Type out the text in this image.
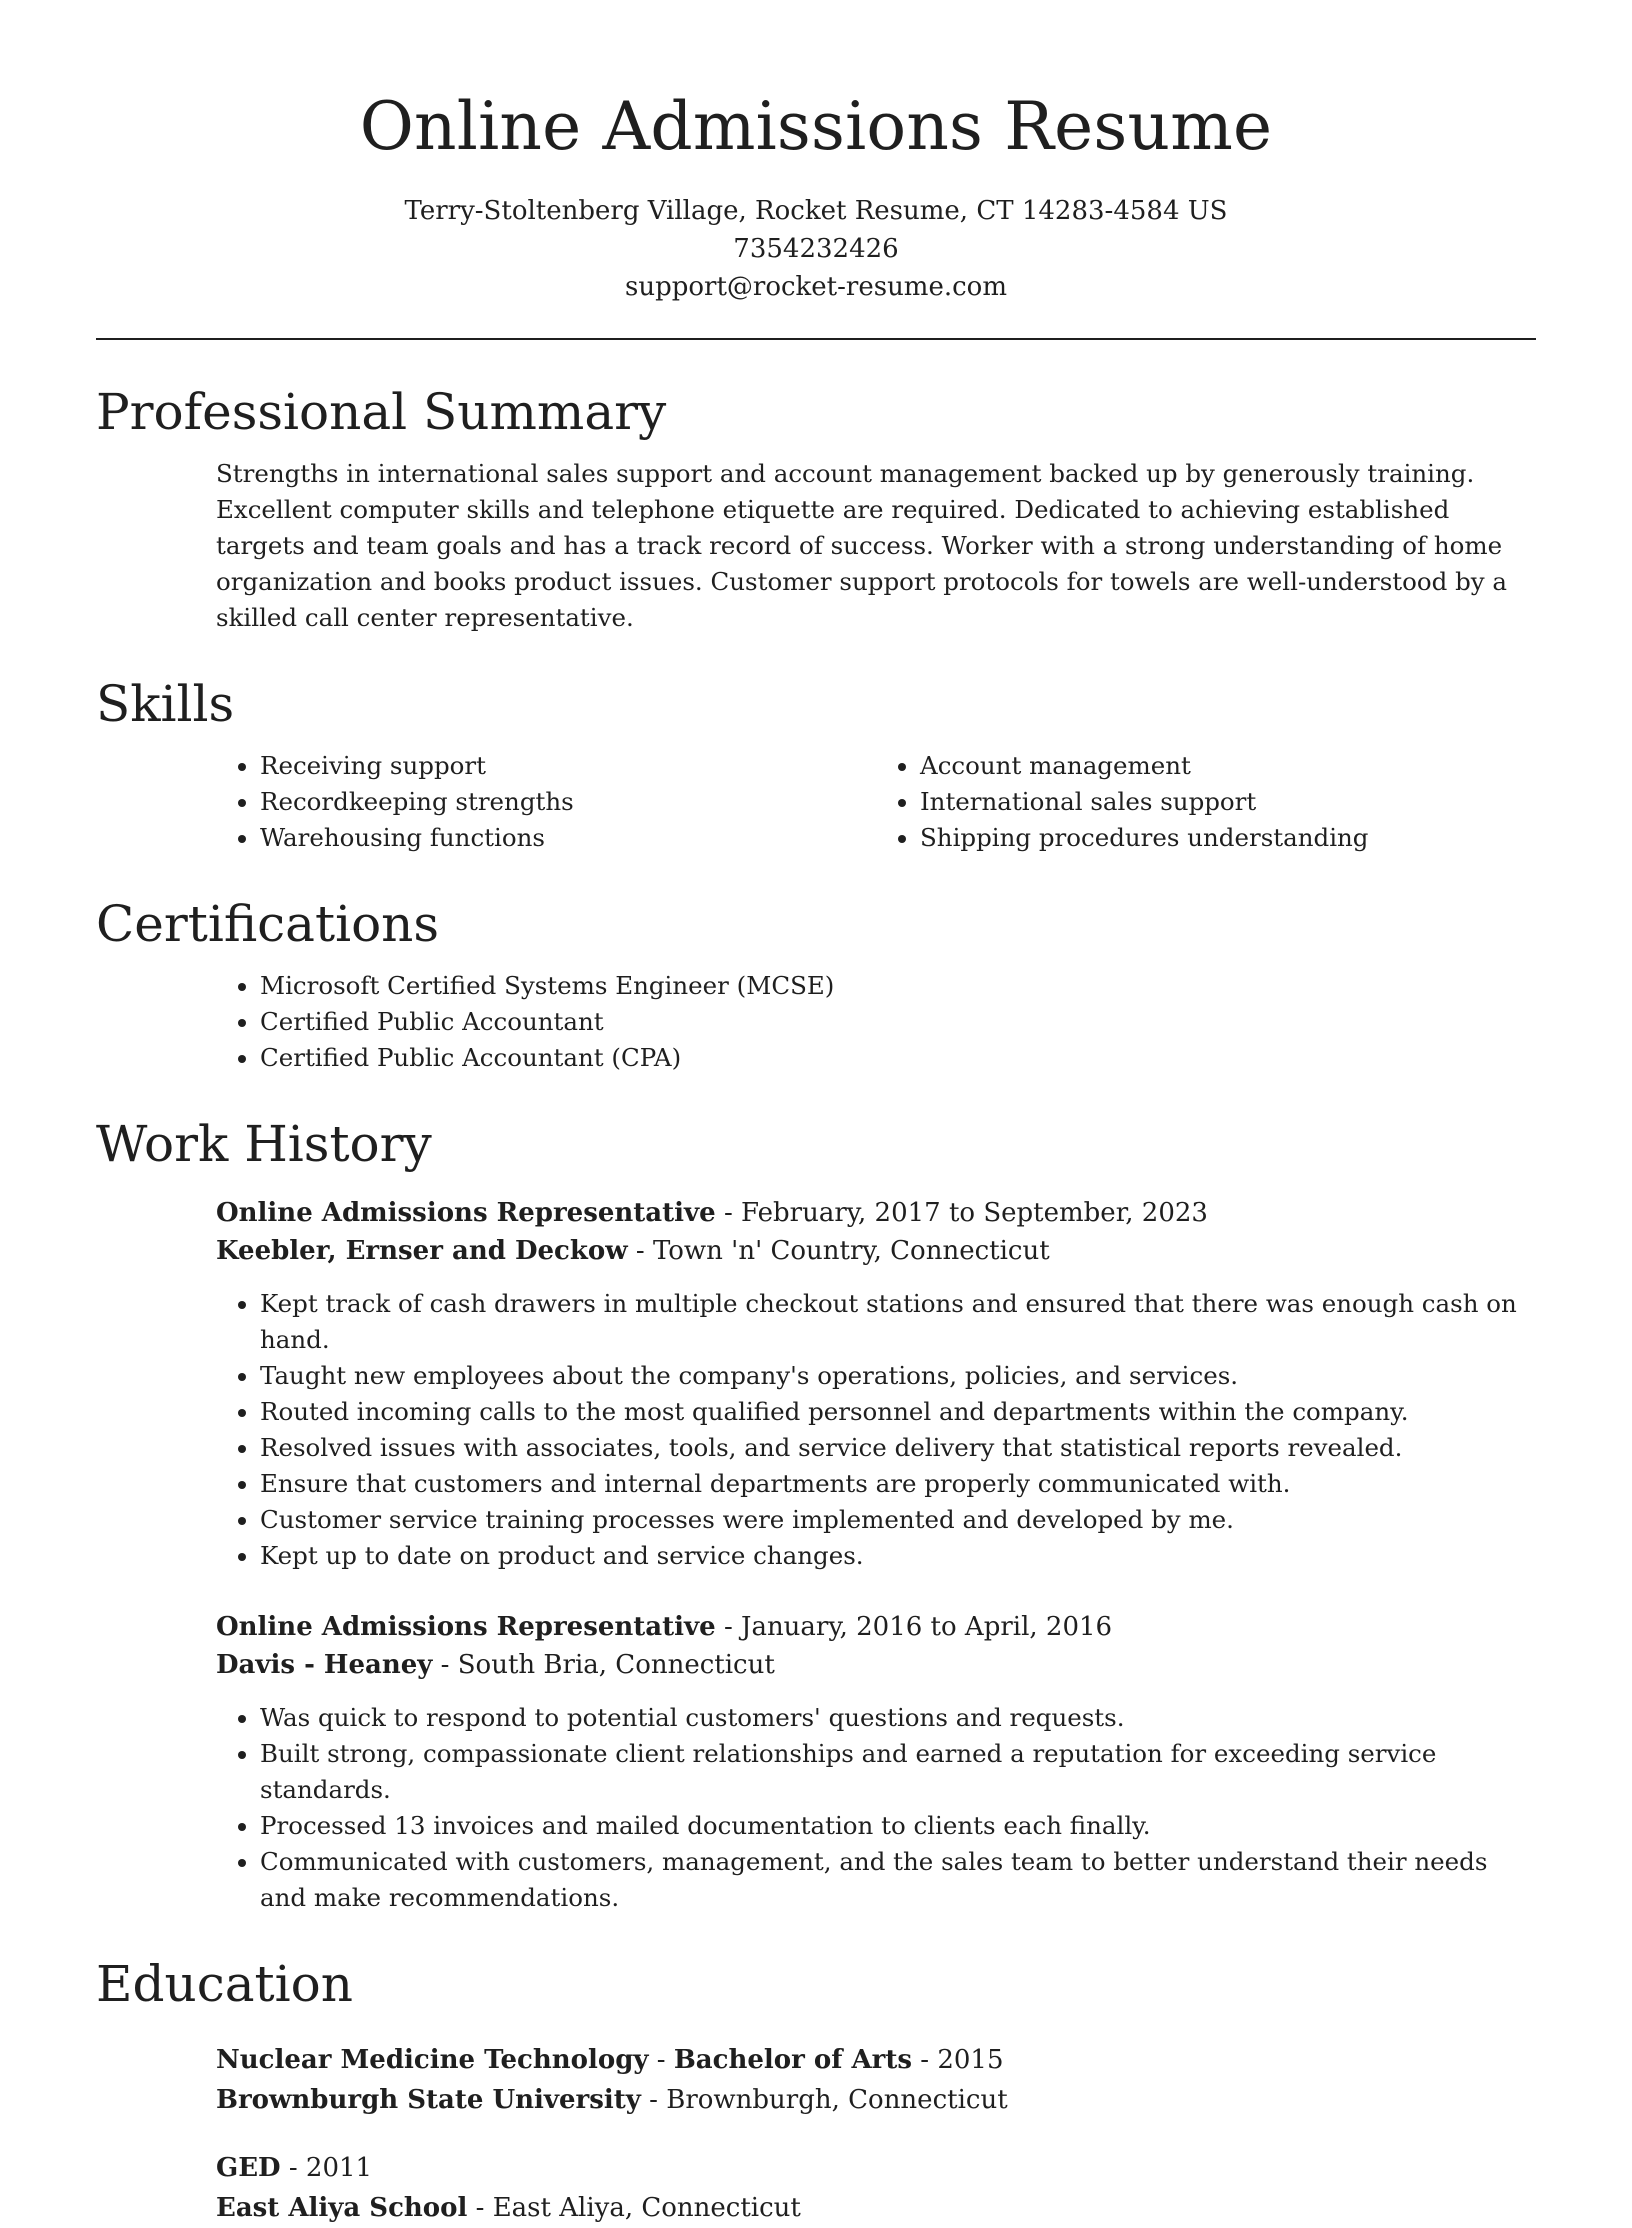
Online Admissions Resume
Terry-Stoltenberg Village, Rocket Resume, CT 14283-4584 US
7354232426
support@rocket-resume.com
Professional Summary

Strengths in international sales support and account management backed up by generously training. Excellent computer skills and telephone etiquette are required. Dedicated to achieving established targets and team goals and has a track record of success. Worker with a strong understanding of home organization and books product issues. Customer support protocols for towels are well-understood by a skilled call center representative.

Skills
• Receiving support
• Recordkeeping strengths
• Warehousing functions
• Account management
• International sales support
• Shipping procedures understanding
Certifications
• Microsoft Certified Systems Engineer (MCSE)
• Certified Public Accountant
• Certified Public Accountant (CPA)
Work History
Online Admissions Representative - February, 2017 to September, 2023
Keebler, Ernser and Deckow - Town 'n' Country, Connecticut
• Kept track of cash drawers in multiple checkout stations and ensured that there was enough cash on hand.
• Taught new employees about the company's operations, policies, and services.
• Routed incoming calls to the most qualified personnel and departments within the company.
• Resolved issues with associates, tools, and service delivery that statistical reports revealed.
• Ensure that customers and internal departments are properly communicated with.
• Customer service training processes were implemented and developed by me.
• Kept up to date on product and service changes.
Online Admissions Representative - January, 2016 to April, 2016
Davis - Heaney - South Bria, Connecticut
• Was quick to respond to potential customers' questions and requests.
• Built strong, compassionate client relationships and earned a reputation for exceeding service standards.
• Processed 13 invoices and mailed documentation to clients each finally.
• Communicated with customers, management, and the sales team to better understand their needs and make recommendations.
Education
Nuclear Medicine Technology - Bachelor of Arts - 2015
Brownburgh State University - Brownburgh, Connecticut
GED - 2011
East Aliya School - East Aliya, Connecticut
